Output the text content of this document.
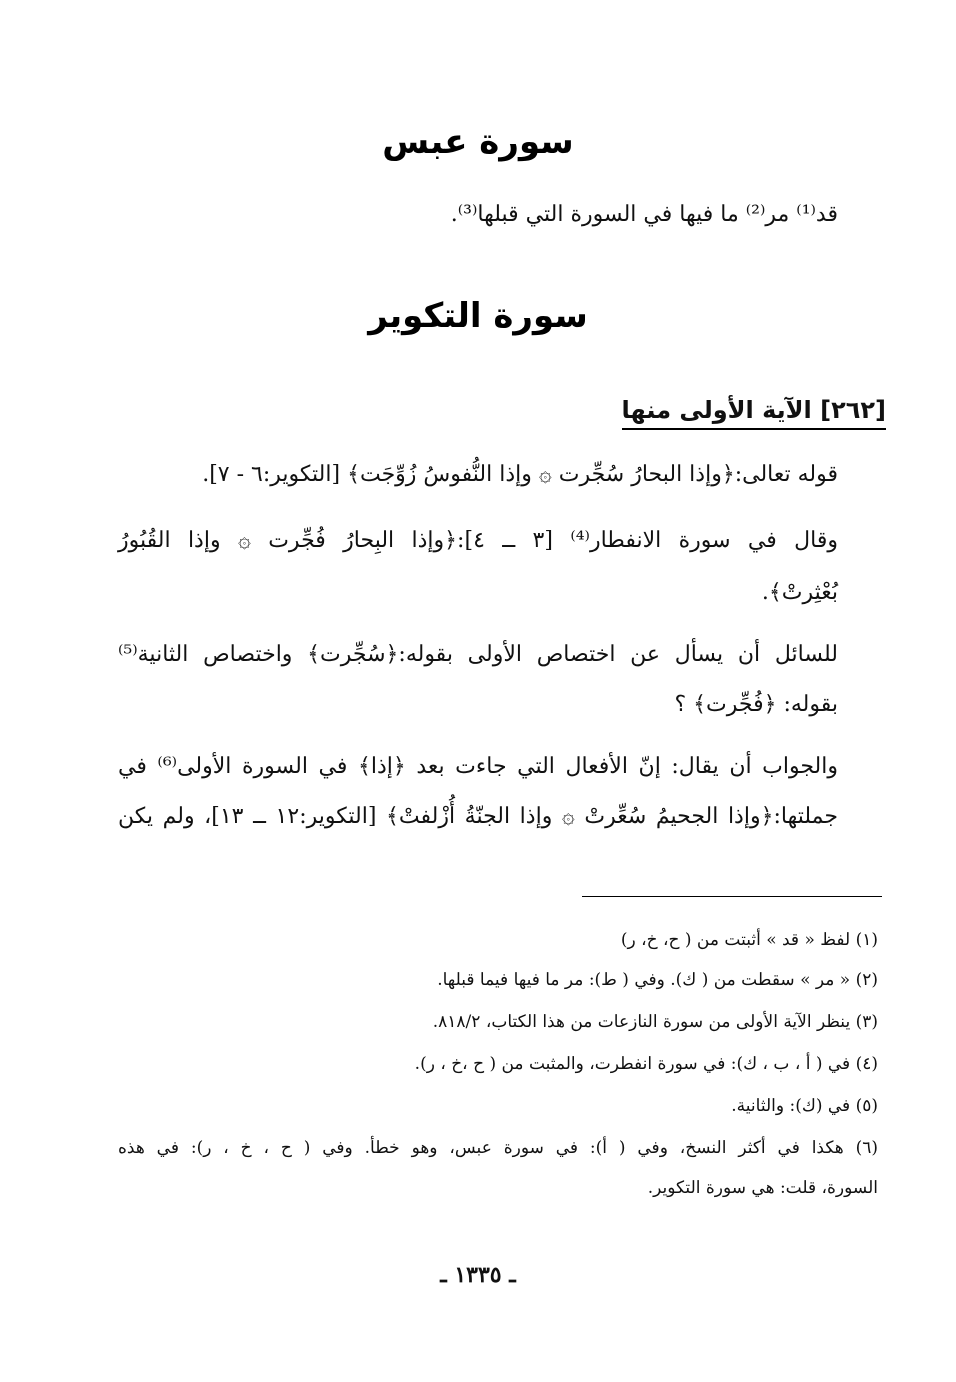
سورة عبس
قد⁽¹⁾ مر⁽²⁾ ما فيها في السورة التي قبلها⁽³⁾.
سورة التكوير
[٢٦٢] الآية الأولى منها
قوله تعالى:﴿وإذا البحارُ سُجِّرت ۞ وإذا النُّفوسُ زُوِّجَت﴾ [التكوير:٦ - ٧].
وقال في سورة الانفطار⁽⁴⁾ [٣ ــ ٤]:﴿وإذا البِحارُ فُجِّرت ۞ وإذا القُبُورُ
بُعْثِرتْ﴾.
للسائل أن يسأل عن اختصاص الأولى بقوله:﴿سُجِّرت﴾ واختصاص الثانية⁽⁵⁾
بقوله: ﴿فُجِّرت﴾ ؟
والجواب أن يقال: إنّ الأفعال التي جاءت بعد ﴿إذا﴾ في السورة الأولى⁽⁶⁾ في
جملتها:﴿وإذا الجحيمُ سُعِّرتْ ۞ وإذا الجنّةُ أُزْلفتْ﴾ [التكوير:١٢ ــ ١٣]، ولم يكن
(١) لفظ « قد » أثبتت من ( ح، خ، ر)
(٢) « مر » سقطت من ( ك). وفي ( ط): مر ما فيها فيما قبلها.
(٣) ينظر الآية الأولى من سورة النازعات من هذا الكتاب، ٨١٨/٢.
(٤) في ( أ ، ب ، ك): في سورة انفطرت، والمثبت من ( ح ،خ ، ر).
(٥) في (ك): والثانية.
(٦) هكذا في أكثر النسخ، وفي ( أ): في سورة عبس، وهو خطأ. وفي ( ح ، خ ، ر): في هذه
السورة، قلت: هي سورة التكوير.
ـ ١٣٣٥ ـ
